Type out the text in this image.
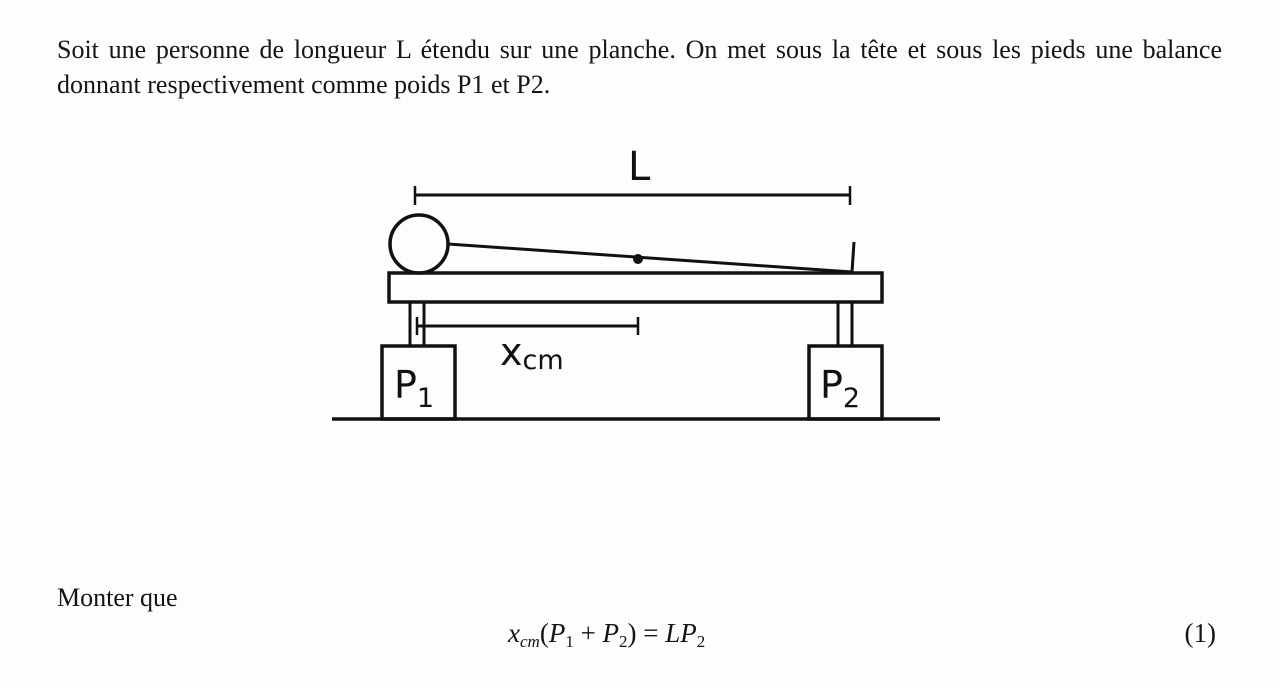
Soit une personne de longueur L étendu sur une planche. On met sous la tête et sous les pieds une balance donnant respectivement comme poids P1 et P2.

L
xcm
$P_1$	$P_2$
Monter que
$x_{cm}(P_1 + P_2) = LP_2$	(1)
